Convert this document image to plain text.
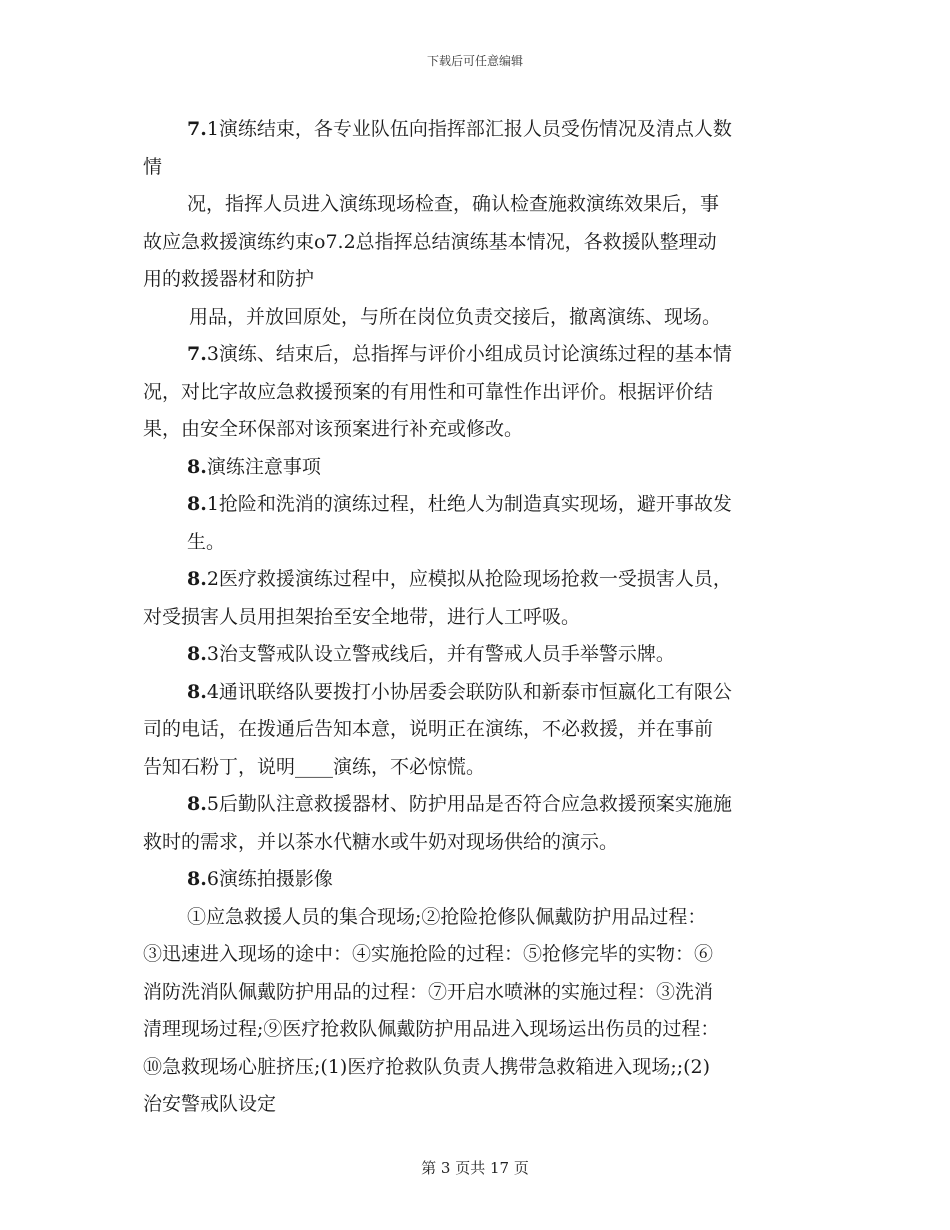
下载后可任意编辑
7.1演练结束，各专业队伍向指挥部汇报人员受伤情况及清点人数
情
况，指挥人员进入演练现场检查，确认检查施救演练效果后，事
故应急救援演练约束o7.2总指挥总结演练基本情况，各救援队整理动
用的救援器材和防护
用品，并放回原处，与所在岗位负责交接后，撤离演练、现场。
7.3演练、结束后，总指挥与评价小组成员讨论演练过程的基本情
况，对比字故应急救援预案的有用性和可靠性作出评价。根据评价结
果，由安全环保部对该预案进行补充或修改。
8.演练注意事项
8.1抢险和洗消的演练过程，杜绝人为制造真实现场，避开事故发
生。
8.2医疗救援演练过程中，应模拟从抢险现场抢救一受损害人员，
对受损害人员用担架抬至安全地带，进行人工呼吸。
8.3治支警戒队设立警戒线后，并有警戒人员手举警示牌。
8.4通讯联络队要拨打小协居委会联防队和新泰市恒嬴化工有限公
司的电话，在拨通后告知本意，说明正在演练，不必救援，并在事前
告知石粉丁，说明____演练，不必惊慌。
8.5后勤队注意救援器材、防护用品是否符合应急救援预案实施施
救时的需求，并以茶水代糖水或牛奶对现场供给的演示。
8.6演练拍摄影像
①应急救援人员的集合现场;②抢险抢修队佩戴防护用品过程：
③迅速进入现场的途中：④实施抢险的过程：⑤抢修完毕的实物：⑥
消防洗消队佩戴防护用品的过程：⑦开启水喷淋的实施过程：③洗消
清理现场过程;⑨医疗抢救队佩戴防护用品进入现场运出伤员的过程：
⑩急救现场心脏挤压;(1)医疗抢救队负责人携带急救箱进入现场;;(2)
治安警戒队设定
第 3 页共 17 页
